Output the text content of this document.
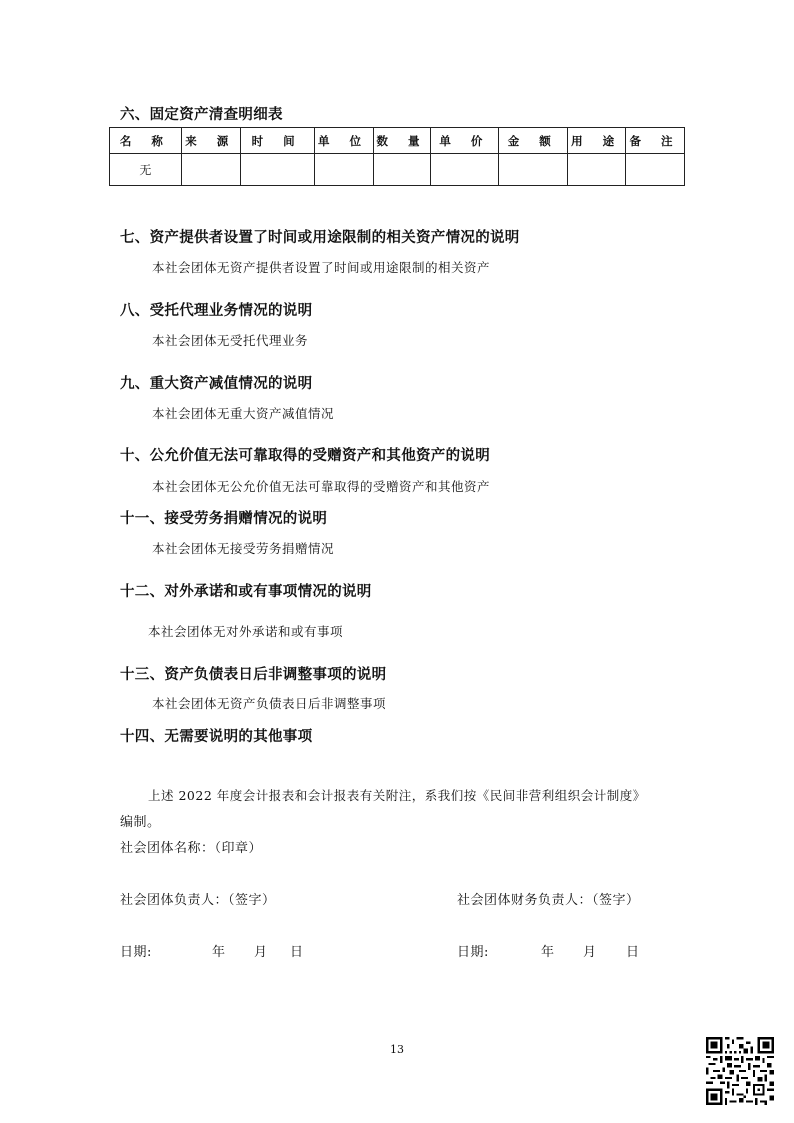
六、固定资产清查明细表
名 称	来 源	时 间	单 位	数 量	单 价	金 额	用 途	备 注
无								
七、资产提供者设置了时间或用途限制的相关资产情况的说明
本社会团体无资产提供者设置了时间或用途限制的相关资产
八、受托代理业务情况的说明
本社会团体无受托代理业务
九、重大资产减值情况的说明
本社会团体无重大资产减值情况
十、公允价值无法可靠取得的受赠资产和其他资产的说明
本社会团体无公允价值无法可靠取得的受赠资产和其他资产
十一、接受劳务捐赠情况的说明
本社会团体无接受劳务捐赠情况
十二、对外承诺和或有事项情况的说明
本社会团体无对外承诺和或有事项
十三、资产负债表日后非调整事项的说明
本社会团体无资产负债表日后非调整事项
十四、无需要说明的其他事项
上述 2022 年度会计报表和会计报表有关附注，系我们按《民间非营利组织会计制度》
编制。
社会团体名称：（印章）
社会团体负责人：（签字）	社会团体财务负责人：（签字）
日期:	年 月 日	日期:	年 月 日
13
